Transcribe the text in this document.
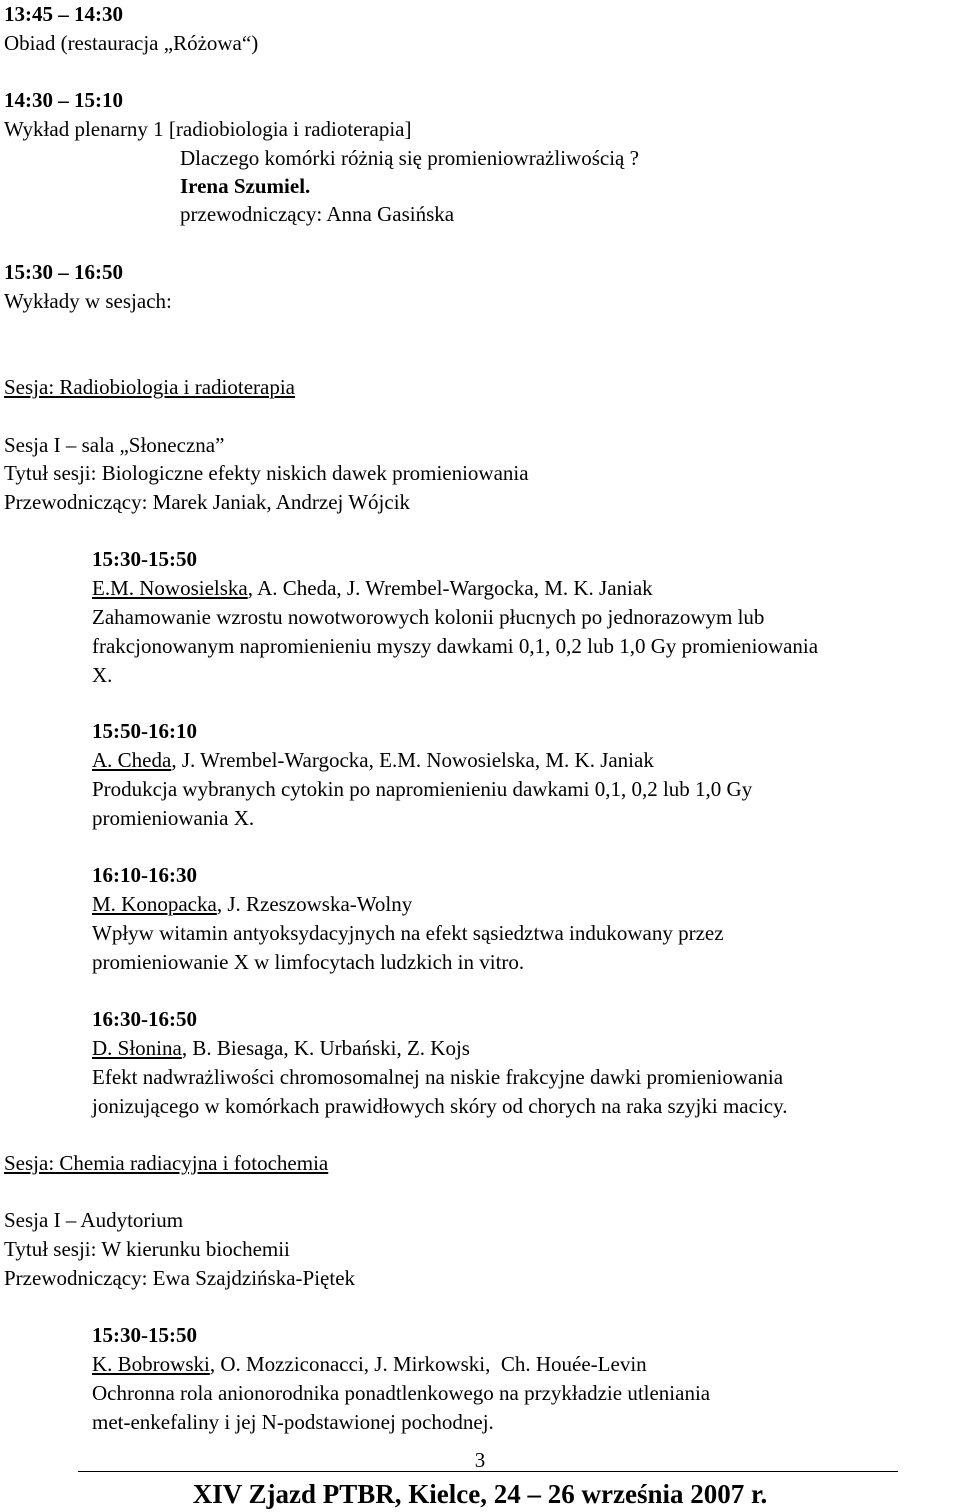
13:45 – 14:30
Obiad (restauracja „Różowa“)
14:30 – 15:10
Wykład plenarny 1 [radiobiologia i radioterapia]
Dlaczego komórki różnią się promieniowrażliwością ?
Irena Szumiel.
przewodniczący: Anna Gasińska
15:30 – 16:50
Wykłady w sesjach:
Sesja: Radiobiologia i radioterapia
Sesja I – sala „Słoneczna”
Tytuł sesji: Biologiczne efekty niskich dawek promieniowania
Przewodniczący: Marek Janiak, Andrzej Wójcik
15:30-15:50
E.M. Nowosielska, A. Cheda, J. Wrembel-Wargocka, M. K. Janiak
Zahamowanie wzrostu nowotworowych kolonii płucnych po jednorazowym lub
frakcjonowanym napromienieniu myszy dawkami 0,1, 0,2 lub 1,0 Gy promieniowania
X.
15:50-16:10
A. Cheda, J. Wrembel-Wargocka, E.M. Nowosielska, M. K. Janiak
Produkcja wybranych cytokin po napromienieniu dawkami 0,1, 0,2 lub 1,0 Gy
promieniowania X.
16:10-16:30
M. Konopacka, J. Rzeszowska-Wolny
Wpływ witamin antyoksydacyjnych na efekt sąsiedztwa indukowany przez
promieniowanie X w limfocytach ludzkich in vitro.
16:30-16:50
D. Słonina, B. Biesaga, K. Urbański, Z. Kojs
Efekt nadwrażliwości chromosomalnej na niskie frakcyjne dawki promieniowania
jonizującego w komórkach prawidłowych skóry od chorych na raka szyjki macicy.
Sesja: Chemia radiacyjna i fotochemia
Sesja I – Audytorium
Tytuł sesji: W kierunku biochemii
Przewodniczący: Ewa Szajdzińska-Piętek
15:30-15:50
K. Bobrowski, O. Mozziconacci, J. Mirkowski,  Ch. Houée-Levin
Ochronna rola anionorodnika ponadtlenkowego na przykładzie utleniania
met-enkefaliny i jej N-podstawionej pochodnej.
3
XIV Zjazd PTBR, Kielce, 24 – 26 września 2007 r.
